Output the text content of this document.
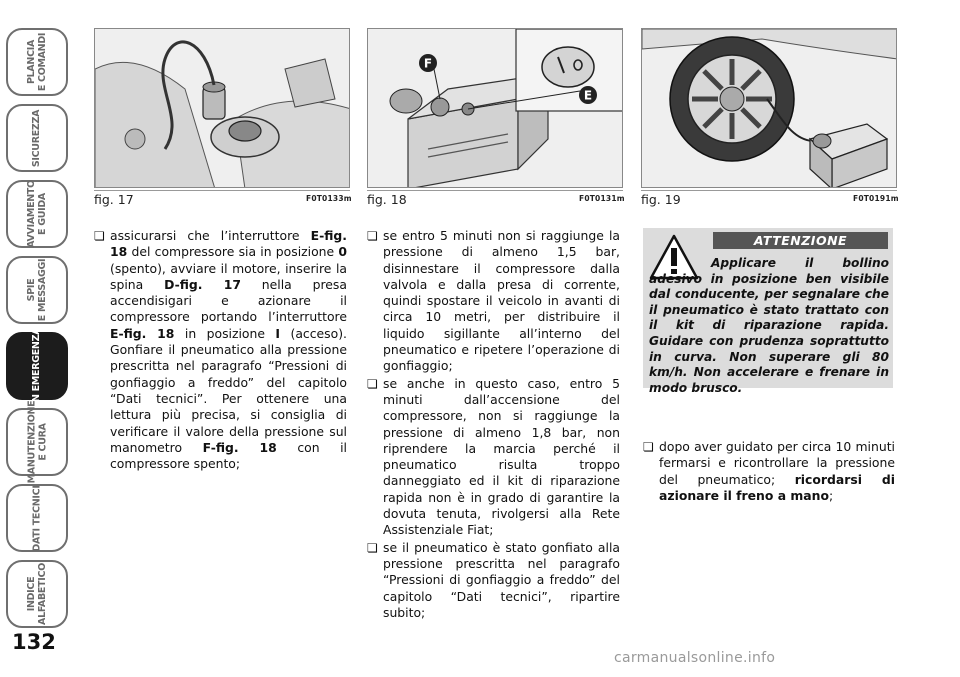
PLANCIA
E COMANDI
SICUREZZA
AVVIAMENTO
E GUIDA
SPIE
E MESSAGGI
IN EMERGENZA
MANUTENZIONE
E CURA
DATI TECNICI
INDICE
ALFABETICO
132
fig. 17	F0T0133m
F
E
fig. 18	F0T0131m fig. 19	F0T0191m

❏ assicurarsi che l’interruttore E-fig. 18 del compressore sia in posizione 0 (spento), avviare il motore, inserire la spina D-fig. 17 nella presa accendisigari e azionare il compressore portando l’interruttore E-fig. 18 in posizione I (acceso). Gonfiare il pneumatico alla pressione prescritta nel paragrafo “Pressioni di gonfiaggio a freddo” del capitolo “Dati tecnici”. Per ottenere una lettura più precisa, si consiglia di verificare il valore della pressione sul manometro F-fig. 18 con il compressore spento;

❏ se entro 5 minuti non si raggiunge la pressione di almeno 1,5 bar, disinnestare il compressore dalla valvola e dalla presa di corrente, quindi spostare il veicolo in avanti di circa 10 metri, per distribuire il liquido sigillante all’interno del pneumatico e ripetere l’operazione di gonfiaggio;

❏ se anche in questo caso, entro 5 minuti dall’accensione del compressore, non si raggiunge la pressione di almeno 1,8 bar, non riprendere la marcia perché il pneumatico risulta troppo danneggiato ed il kit di riparazione rapida non è in grado di garantire la dovuta tenuta, rivolgersi alla Rete Assistenziale Fiat;

❏ se il pneumatico è stato gonfiato alla pressione prescritta nel paragrafo “Pressioni di gonfiaggio a freddo” del capitolo “Dati tecnici”, ripartire subito;

ATTENZIONE

Applicare il bollino adesivo in posizione ben visibile dal conducente, per segnalare che il pneumatico è stato trattato con il kit di riparazione rapida. Guidare con prudenza soprattutto in curva. Non superare gli 80 km/h. Non accelerare e frenare in modo brusco.

❏ dopo aver guidato per circa 10 minuti fermarsi e ricontrollare la pressione del pneumatico; ricordarsi di azionare il freno a mano;

carmanualsonline.info
